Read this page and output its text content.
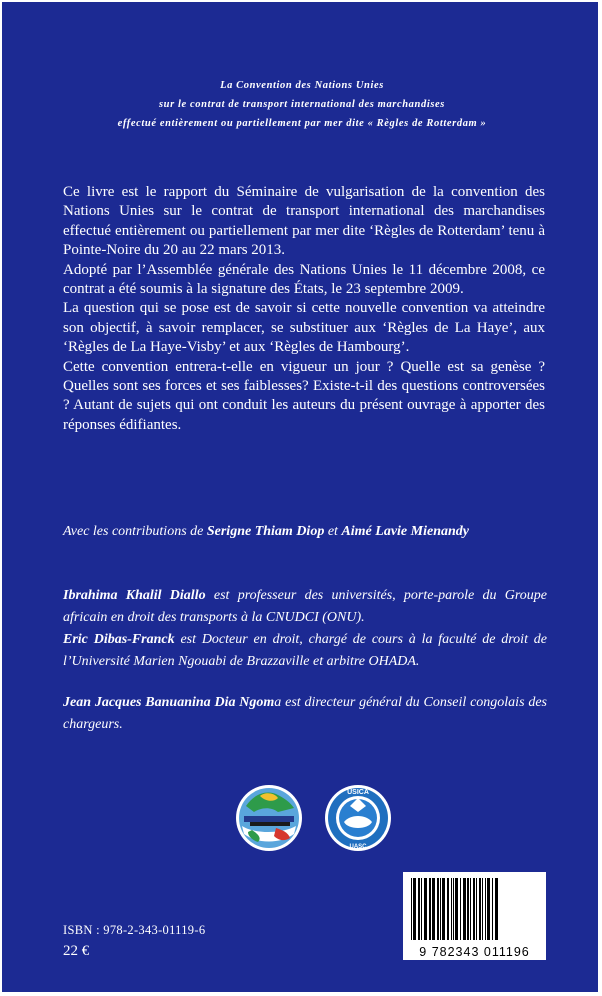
La Convention des Nations Unies
sur le contrat de transport international des marchandises
effectué entièrement ou partiellement par mer dite « Règles de Rotterdam »

Ce livre est le rapport du Séminaire de vulgarisation de la convention des Nations Unies sur le contrat de transport international des marchandises effectué entièrement ou partiellement par mer dite ‘Règles de Rotterdam’ tenu à Pointe-Noire du 20 au 22 mars 2013.

Adopté par l’Assemblée générale des Nations Unies le 11 décembre 2008, ce contrat a été soumis à la signature des États, le 23 septembre 2009.

La question qui se pose est de savoir si cette nouvelle convention va atteindre son objectif, à savoir remplacer, se substituer aux ‘Règles de La Haye’, aux ‘Règles de La Haye-Visby’ et aux ‘Règles de Hambourg’.

Cette convention entrera-t-elle en vigueur un jour ? Quelle est sa genèse ? Quelles sont ses forces et ses faiblesses? Existe-t-il des questions controversées ? Autant de sujets qui ont conduit les auteurs du présent ouvrage à apporter des réponses édifiantes.

Avec les contributions de Serigne Thiam Diop et Aimé Lavie Mienandy
Ibrahima Khalil Diallo est professeur des universités, porte-parole du Groupe africain en droit des transports à la CNUDCI (ONU).
Eric Dibas-Franck est Docteur en droit, chargé de cours à la faculté de droit de l’Université Marien Ngouabi de Brazzaville et arbitre OHADA.
Jean Jacques Banuanina Dia Ngoma est directeur général du Conseil congolais des chargeurs.
USICA
UASC
9 782343 011196
ISBN : 978-2-343-01119-6
22 €
